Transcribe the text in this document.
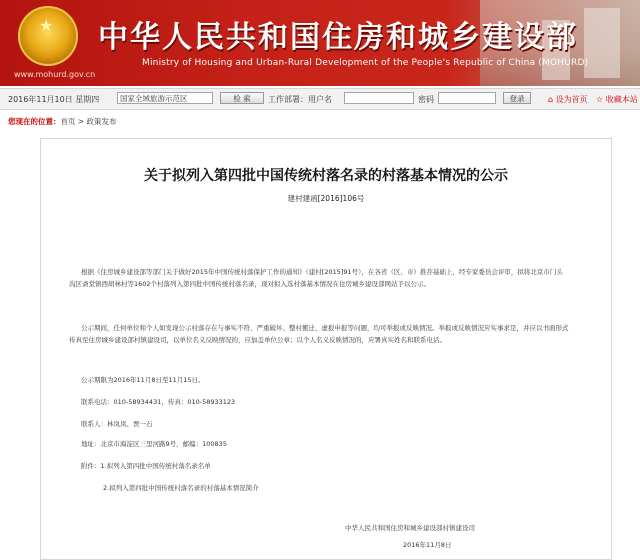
★
www.mohurd.gov.cn
中华人民共和国住房和城乡建设部
Ministry of Housing and Urban-Rural Development of the People's Republic of China (MOHURD)
2016年11月10日 星期四	国家全域旅游示范区	检 索	工作部署：用户名	密码	登录	⌂ 设为首页 ☆ 收藏本站
您现在的位置：首页 > 政策发布
关于拟列入第四批中国传统村落名录的村落基本情况的公示
建村建函[2016]106号
根据《住房城乡建设部等部门关于做好2015年中国传统村落保护工作的通知》（建村[2015]91号），在各省（区、市）推荐基础上，经专家委员会评审，拟将北京市门头沟区斋堂镇西胡林村等1602个村落列入第四批中国传统村落名录，现对拟入选村落基本情况在住房城乡建设部网站予以公示。
公示期间，任何单位和个人如发现公示村落存在与事实不符、严重破坏、整村搬迁、虚报申报等问题，均可举报或反映情况。举报或反映情况应实事求是，并应以书面形式传真至住房城乡建设部村镇建设司，以单位名义反映情况的，应加盖单位公章；以个人名义反映情况的，应署真实姓名和联系电话。
公示期限为2016年11月8日至11月15日。
联系电话：010-58934431，传真：010-58933123
联系人：林岚岚、贾一石
地址：北京市海淀区三里河路9号，邮编：100835
附件：1.拟列入第四批中国传统村落名录名单
2.拟列入第四批中国传统村落名录的村落基本情况简介
中华人民共和国住房和城乡建设部村镇建设司
2016年11月8日
